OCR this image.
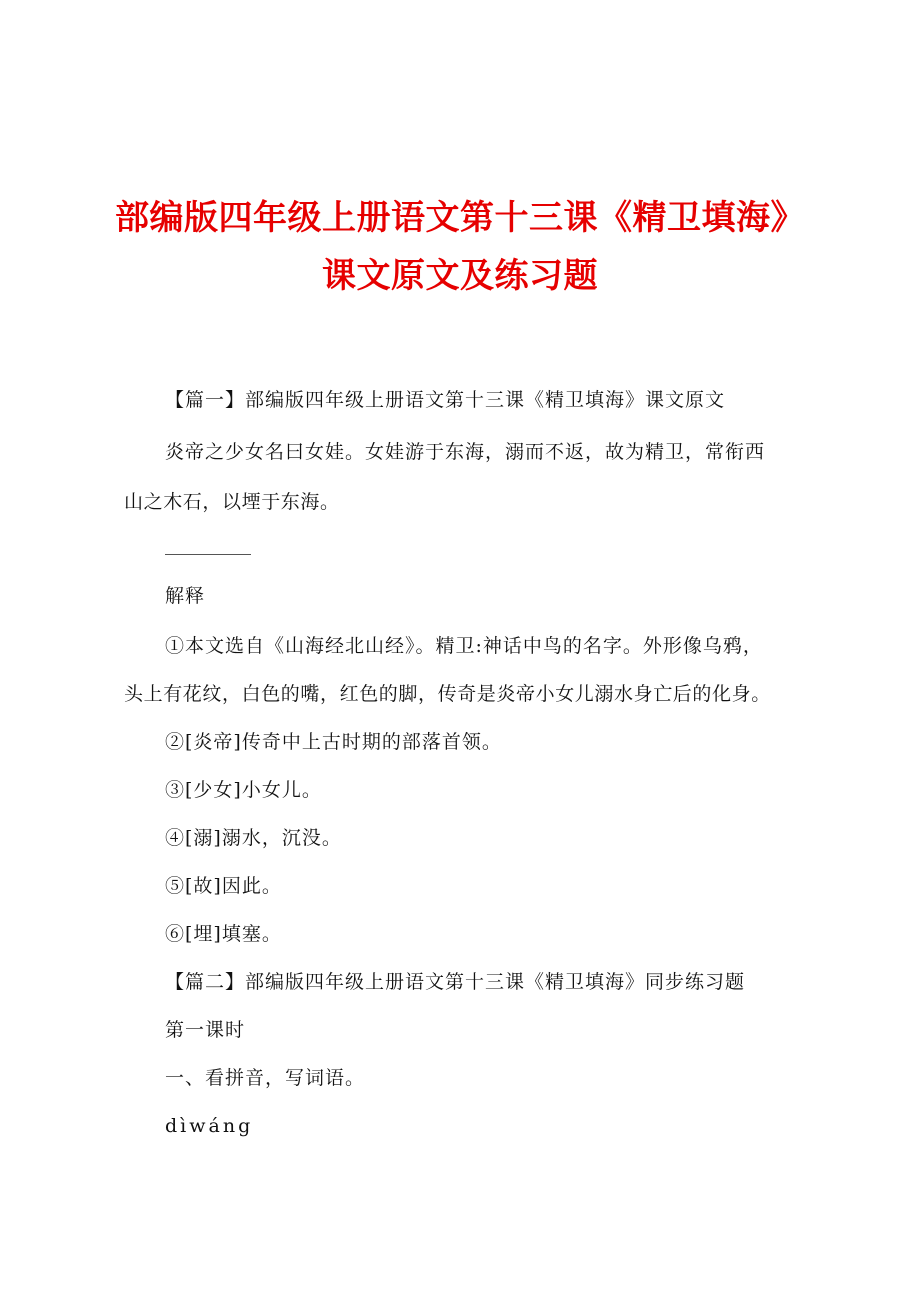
部编版四年级上册语文第十三课《精卫填海》
课文原文及练习题
【篇一】部编版四年级上册语文第十三课《精卫填海》课文原文
炎帝之少女名曰女娃。女娃游于东海，溺而不返，故为精卫，常衔西
山之木石，以堙于东海。
解释
①本文选自《山海经北山经》。精卫:神话中鸟的名字。外形像乌鸦，
头上有花纹，白色的嘴，红色的脚，传奇是炎帝小女儿溺水身亡后的化身。
②[炎帝]传奇中上古时期的部落首领。
③[少女]小女儿。
④[溺]溺水，沉没。
⑤[故]因此。
⑥[埋]填塞。
【篇二】部编版四年级上册语文第十三课《精卫填海》同步练习题
第一课时
一、看拼音，写词语。
dìwáng
